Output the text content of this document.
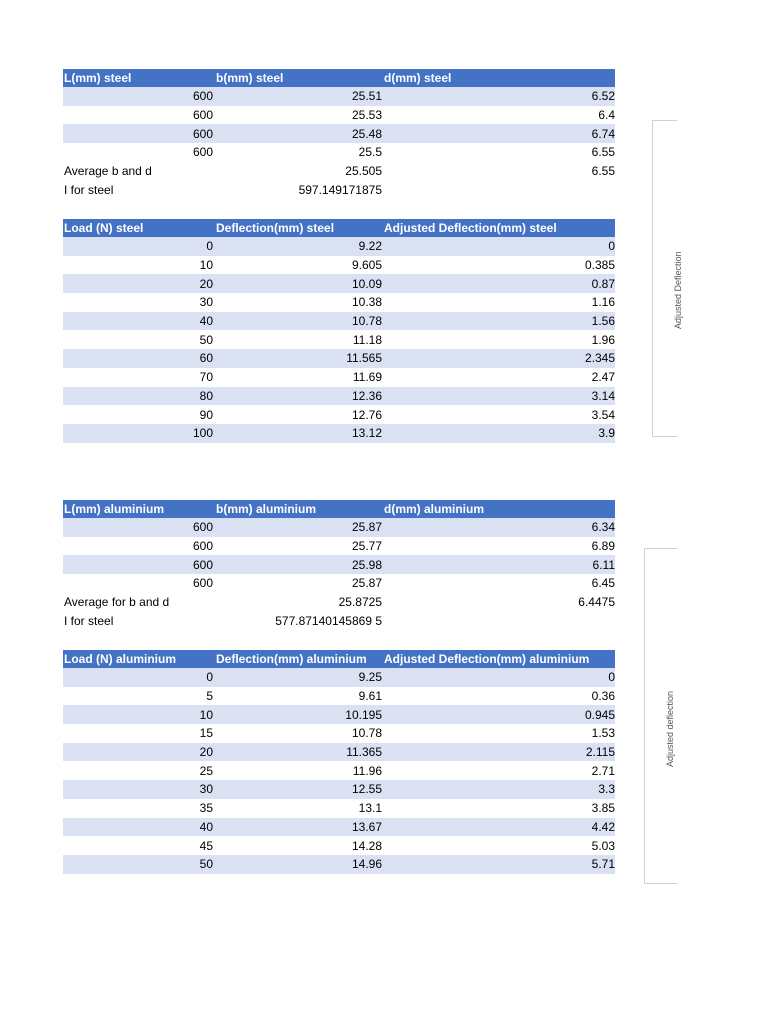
L(mm) steel	b(mm) steel	d(mm) steel
600	25.51	6.52
600	25.53	6.4
600	25.48	6.74
600	25.5	6.55
Average b and d	25.505	6.55
I for steel	597.149171875
Load (N) steel	Deflection(mm) steel	Adjusted Deflection(mm) steel
0	9.22	0
10	9.605	0.385
20	10.09	0.87
30	10.38	1.16
40	10.78	1.56
50	11.18	1.96
60	11.565	2.345
70	11.69	2.47
80	12.36	3.14
90	12.76	3.54
100	13.12	3.9
L(mm) aluminium	b(mm) aluminium	d(mm) aluminium
600	25.87	6.34
600	25.77	6.89
600	25.98	6.11
600	25.87	6.45
Average for b and d	25.8725	6.4475
I for steel	577.87140145869 5
Load (N) aluminium	Deflection(mm) aluminium	Adjusted Deflection(mm) aluminium
0	9.25	0
5	9.61	0.36
10	10.195	0.945
15	10.78	1.53
20	11.365	2.115
25	11.96	2.71
30	12.55	3.3
35	13.1	3.85
40	13.67	4.42
45	14.28	5.03
50	14.96	5.71
Adjusted Deflection
Adjusted deflection
